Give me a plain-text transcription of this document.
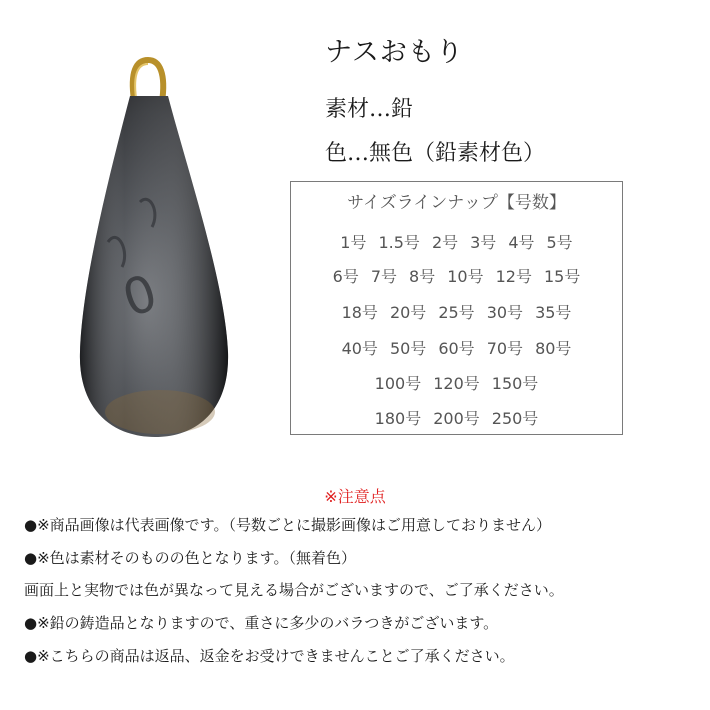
0
ナスおもり
素材…鉛
色…無色（鉛素材色）
サイズラインナップ【号数】
1号 1.5号 2号 3号 4号 5号
6号 7号 8号 10号 12号 15号
18号 20号 25号 30号 35号
40号 50号 60号 70号 80号
100号 120号 150号
180号 200号 250号
※注意点
●※商品画像は代表画像です。（号数ごとに撮影画像はご用意しておりません）
●※色は素材そのものの色となります。（無着色）
画面上と実物では色が異なって見える場合がございますので、ご了承ください。
●※鉛の鋳造品となりますので、重さに多少のバラつきがございます。
●※こちらの商品は返品、返金をお受けできませんことご了承ください。
